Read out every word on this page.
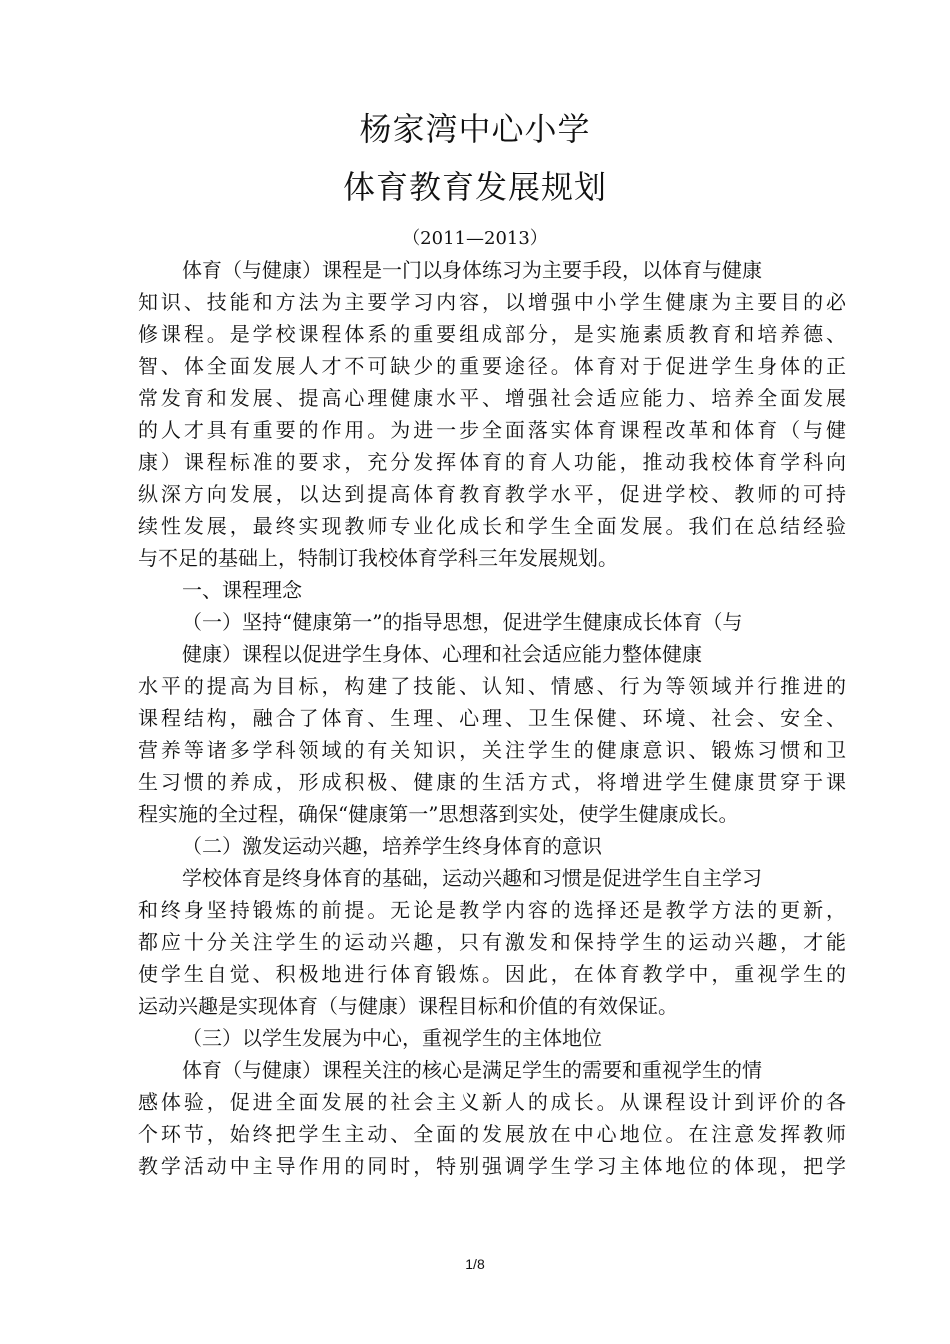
杨家湾中心小学
体育教育发展规划
（2011—2013）
体育（与健康）课程是一门以身体练习为主要手段，以体育与健康
知识、技能和方法为主要学习内容，以增强中小学生健康为主要目的必
修课程。是学校课程体系的重要组成部分，是实施素质教育和培养德、
智、体全面发展人才不可缺少的重要途径。体育对于促进学生身体的正
常发育和发展、提高心理健康水平、增强社会适应能力、培养全面发展
的人才具有重要的作用。为进一步全面落实体育课程改革和体育（与健
康）课程标准的要求，充分发挥体育的育人功能，推动我校体育学科向
纵深方向发展，以达到提高体育教育教学水平，促进学校、教师的可持
续性发展，最终实现教师专业化成长和学生全面发展。我们在总结经验
与不足的基础上，特制订我校体育学科三年发展规划。
一、课程理念
（一）坚持“健康第一”的指导思想，促进学生健康成长体育（与
健康）课程以促进学生身体、心理和社会适应能力整体健康
水平的提高为目标，构建了技能、认知、情感、行为等领域并行推进的
课程结构，融合了体育、生理、心理、卫生保健、环境、社会、安全、
营养等诸多学科领域的有关知识，关注学生的健康意识、锻炼习惯和卫
生习惯的养成，形成积极、健康的生活方式，将增进学生健康贯穿于课
程实施的全过程，确保“健康第一”思想落到实处，使学生健康成长。
（二）激发运动兴趣，培养学生终身体育的意识
学校体育是终身体育的基础，运动兴趣和习惯是促进学生自主学习
和终身坚持锻炼的前提。无论是教学内容的选择还是教学方法的更新，
都应十分关注学生的运动兴趣，只有激发和保持学生的运动兴趣，才能
使学生自觉、积极地进行体育锻炼。因此，在体育教学中，重视学生的
运动兴趣是实现体育（与健康）课程目标和价值的有效保证。
（三）以学生发展为中心，重视学生的主体地位
体育（与健康）课程关注的核心是满足学生的需要和重视学生的情
感体验，促进全面发展的社会主义新人的成长。从课程设计到评价的各
个环节，始终把学生主动、全面的发展放在中心地位。在注意发挥教师
教学活动中主导作用的同时，特别强调学生学习主体地位的体现，把学
1/8
